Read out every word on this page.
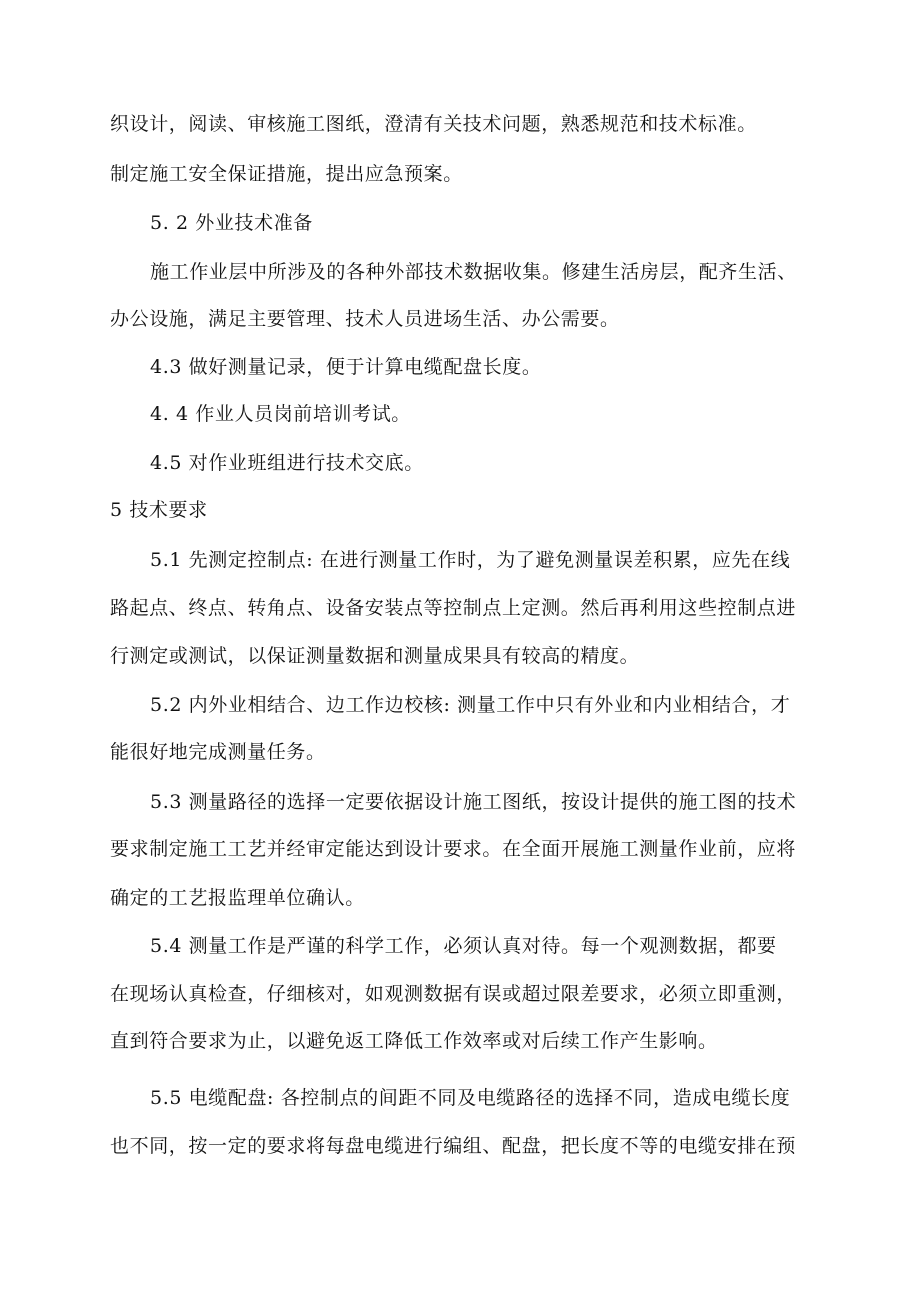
织设计，阅读、审核施工图纸，澄清有关技术问题，熟悉规范和技术标准。
制定施工安全保证措施，提出应急预案。
5. 2 外业技术准备
施工作业层中所涉及的各种外部技术数据收集。修建生活房层，配齐生活、
办公设施，满足主要管理、技术人员进场生活、办公需要。
4.3 做好测量记录，便于计算电缆配盘长度。
4. 4 作业人员岗前培训考试。
4.5 对作业班组进行技术交底。
5 技术要求
5.1 先测定控制点: 在进行测量工作时，为了避免测量误差积累，应先在线
路起点、终点、转角点、设备安装点等控制点上定测。然后再利用这些控制点进
行测定或测试，以保证测量数据和测量成果具有较高的精度。
5.2 内外业相结合、边工作边校核: 测量工作中只有外业和内业相结合，才
能很好地完成测量任务。
5.3 测量路径的选择一定要依据设计施工图纸，按设计提供的施工图的技术
要求制定施工工艺并经审定能达到设计要求。在全面开展施工测量作业前，应将
确定的工艺报监理单位确认。
5.4 测量工作是严谨的科学工作，必须认真对待。每一个观测数据，都要
在现场认真检查，仔细核对，如观测数据有误或超过限差要求，必须立即重测，
直到符合要求为止，以避免返工降低工作效率或对后续工作产生影响。
5.5 电缆配盘: 各控制点的间距不同及电缆路径的选择不同，造成电缆长度
也不同，按一定的要求将每盘电缆进行编组、配盘，把长度不等的电缆安排在预
